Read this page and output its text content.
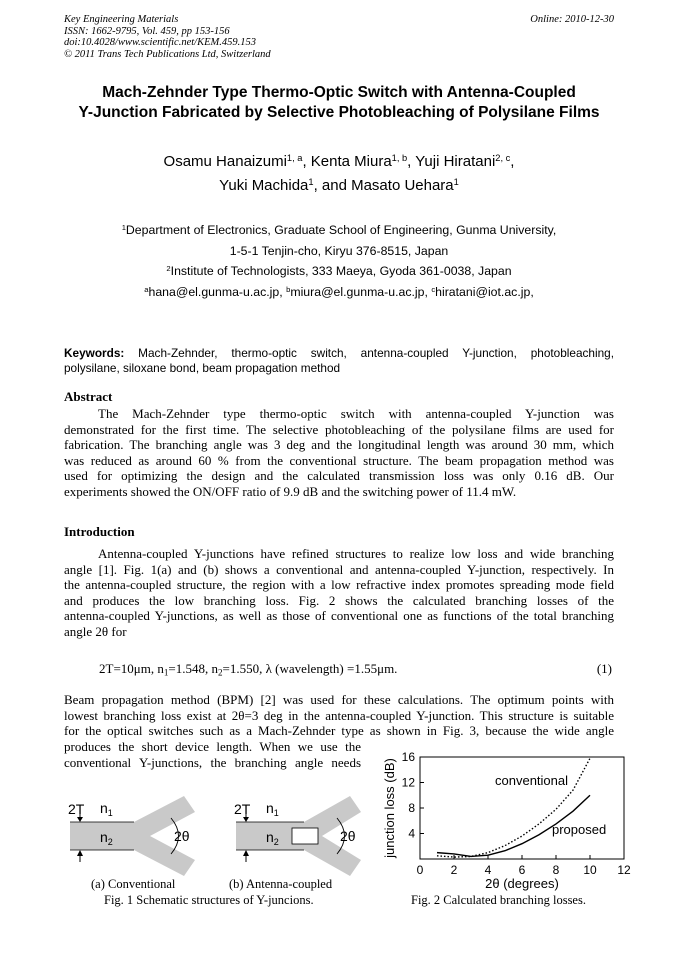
Key Engineering Materials
ISSN: 1662-9795, Vol. 459, pp 153-156
doi:10.4028/www.scientific.net/KEM.459.153
© 2011 Trans Tech Publications Ltd, Switzerland
Online: 2010-12-30
Mach-Zehnder Type Thermo-Optic Switch with Antenna-Coupled
Y-Junction Fabricated by Selective Photobleaching of Polysilane Films
Osamu Hanaizumi$^{1, a}$, Kenta Miura$^{1, b}$, Yuji Hiratani$^{2, c}$,
Yuki Machida$^1$, and Masato Uehara$^1$
$^1$Department of Electronics, Graduate School of Engineering, Gunma University,
1-5-1 Tenjin-cho, Kiryu 376-8515, Japan
$^2$Institute of Technologists, 333 Maeya, Gyoda 361-0038, Japan
$^a$hana@el.gunma-u.ac.jp, $^b$miura@el.gunma-u.ac.jp, $^c$hiratani@iot.ac.jp,
Keywords: Mach-Zehnder, thermo-optic switch, antenna-coupled Y-junction, photobleaching,
polysilane, siloxane bond, beam propagation method
Abstract
The Mach-Zehnder type thermo-optic switch with antenna-coupled Y-junction was
demonstrated for the first time. The selective photobleaching of the polysilane films are used for
fabrication. The branching angle was 3 deg and the longitudinal length was around 30 mm, which
was reduced as around 60 % from the conventional structure. The beam propagation method was
used for optimizing the design and the calculated transmission loss was only 0.16 dB. Our
experiments showed the ON/OFF ratio of 9.9 dB and the switching power of 11.4 mW.
Introduction
Antenna-coupled Y-junctions have refined structures to realize low loss and wide branching
angle [1]. Fig. 1(a) and (b) shows a conventional and antenna-coupled Y-junction, respectively. In
the antenna-coupled structure, the region with a low refractive index promotes spreading mode field
and produces the low branching loss. Fig. 2 shows the calculated branching losses of the
antenna-coupled Y-junctions, as well as those of conventional one as functions of the total branching
angle 2θ for
2T=10μm, $n_1=1.548$, $n_2=1.550$, λ (wavelength) =1.55μm.	(1)
Beam propagation method (BPM) [2] was used for these calculations. The optimum points with
lowest branching loss exist at 2θ=3 deg in the antenna-coupled Y-junction. This structure is suitable
for the optical switches such as a Mach-Zehnder type as shown in Fig. 3, because the wide angle
produces the short device length. When we use the
conventional Y-junctions, the branching angle needs
2T $n_1$
$n_2$	2θ
2T $n_1$
$n_2$	2θ
(a) Conventional	(b) Antenna-coupled
Fig. 1 Schematic structures of Y-juncions.
0 2 4 6 8 10 12
4
8
12
16
2θ (degrees)
junction loss (dB)	conventional
proposed
Fig. 2 Calculated branching losses.
